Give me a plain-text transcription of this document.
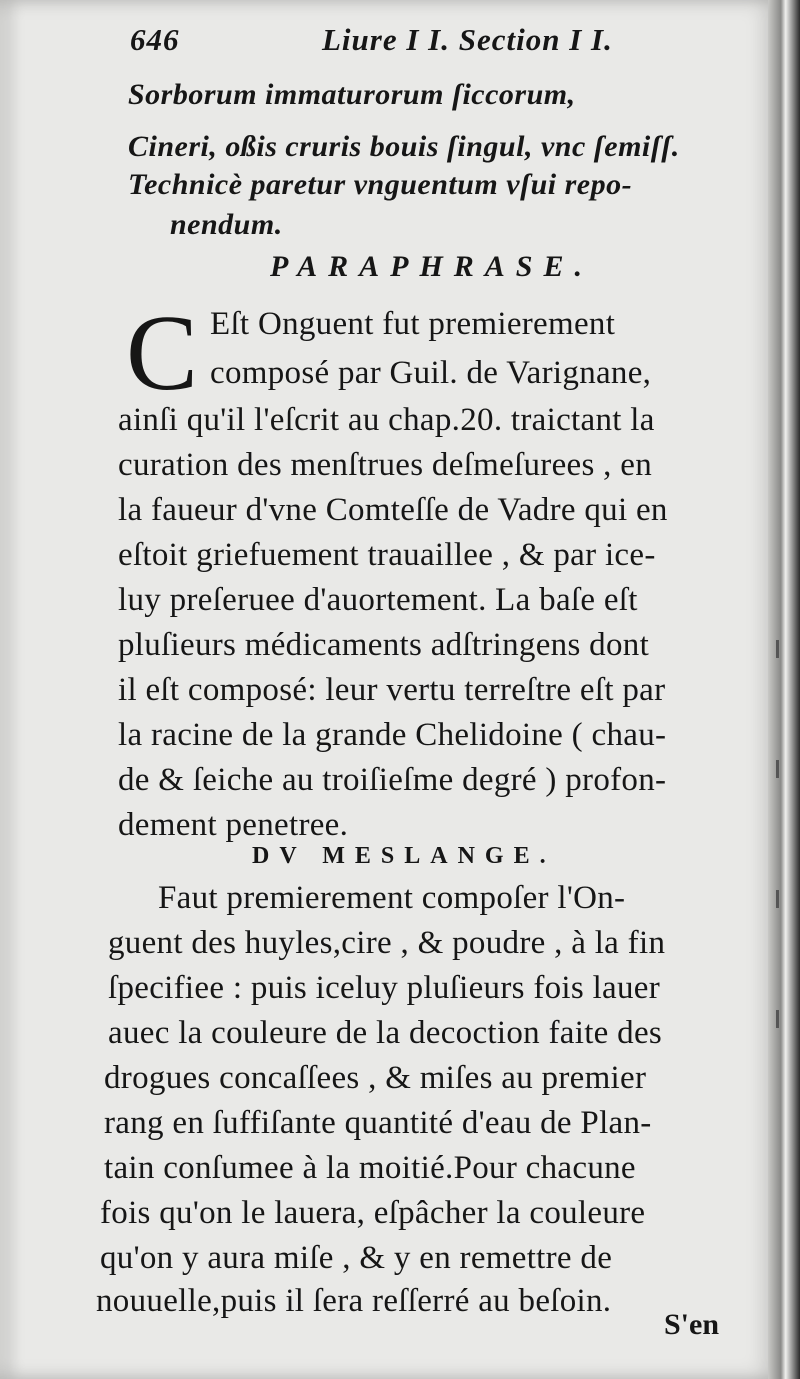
646	Liure I I. Section I I.
Sorborum immaturorum ſiccorum,
Cineri, oßis cruris bouis ſingul, vnc ſemiſſ.
Technicè paretur vnguentum vſui repo-
nendum.
PARAPHRASE.
C Eſt Onguent fut premierement
composé par Guil. de Varignane,
ainſi qu'il l'eſcrit au chap.20. traictant la
curation des menſtrues deſmeſurees , en
la faueur d'vne Comteſſe de Vadre qui en
eſtoit griefuement trauaillee , & par ice-
luy preſeruee d'auortement. La baſe eſt
pluſieurs médicaments adſtringens dont
il eſt composé: leur vertu terreſtre eſt par
la racine de la grande Chelidoine ( chau-
de & ſeiche au troiſieſme degré ) profon-
dement penetree.
DV MESLANGE.
Faut premierement compoſer l'On-
guent des huyles,cire , & poudre , à la fin
ſpecifiee : puis iceluy pluſieurs fois lauer
auec la couleure de la decoction faite des
drogues concaſſees , & miſes au premier
rang en ſuffiſante quantité d'eau de Plan-
tain conſumee à la moitié.Pour chacune
fois qu'on le lauera, eſpâcher la couleure
qu'on y aura miſe , & y en remettre de
nouuelle,puis il ſera reſſerré au beſoin.
S'en
